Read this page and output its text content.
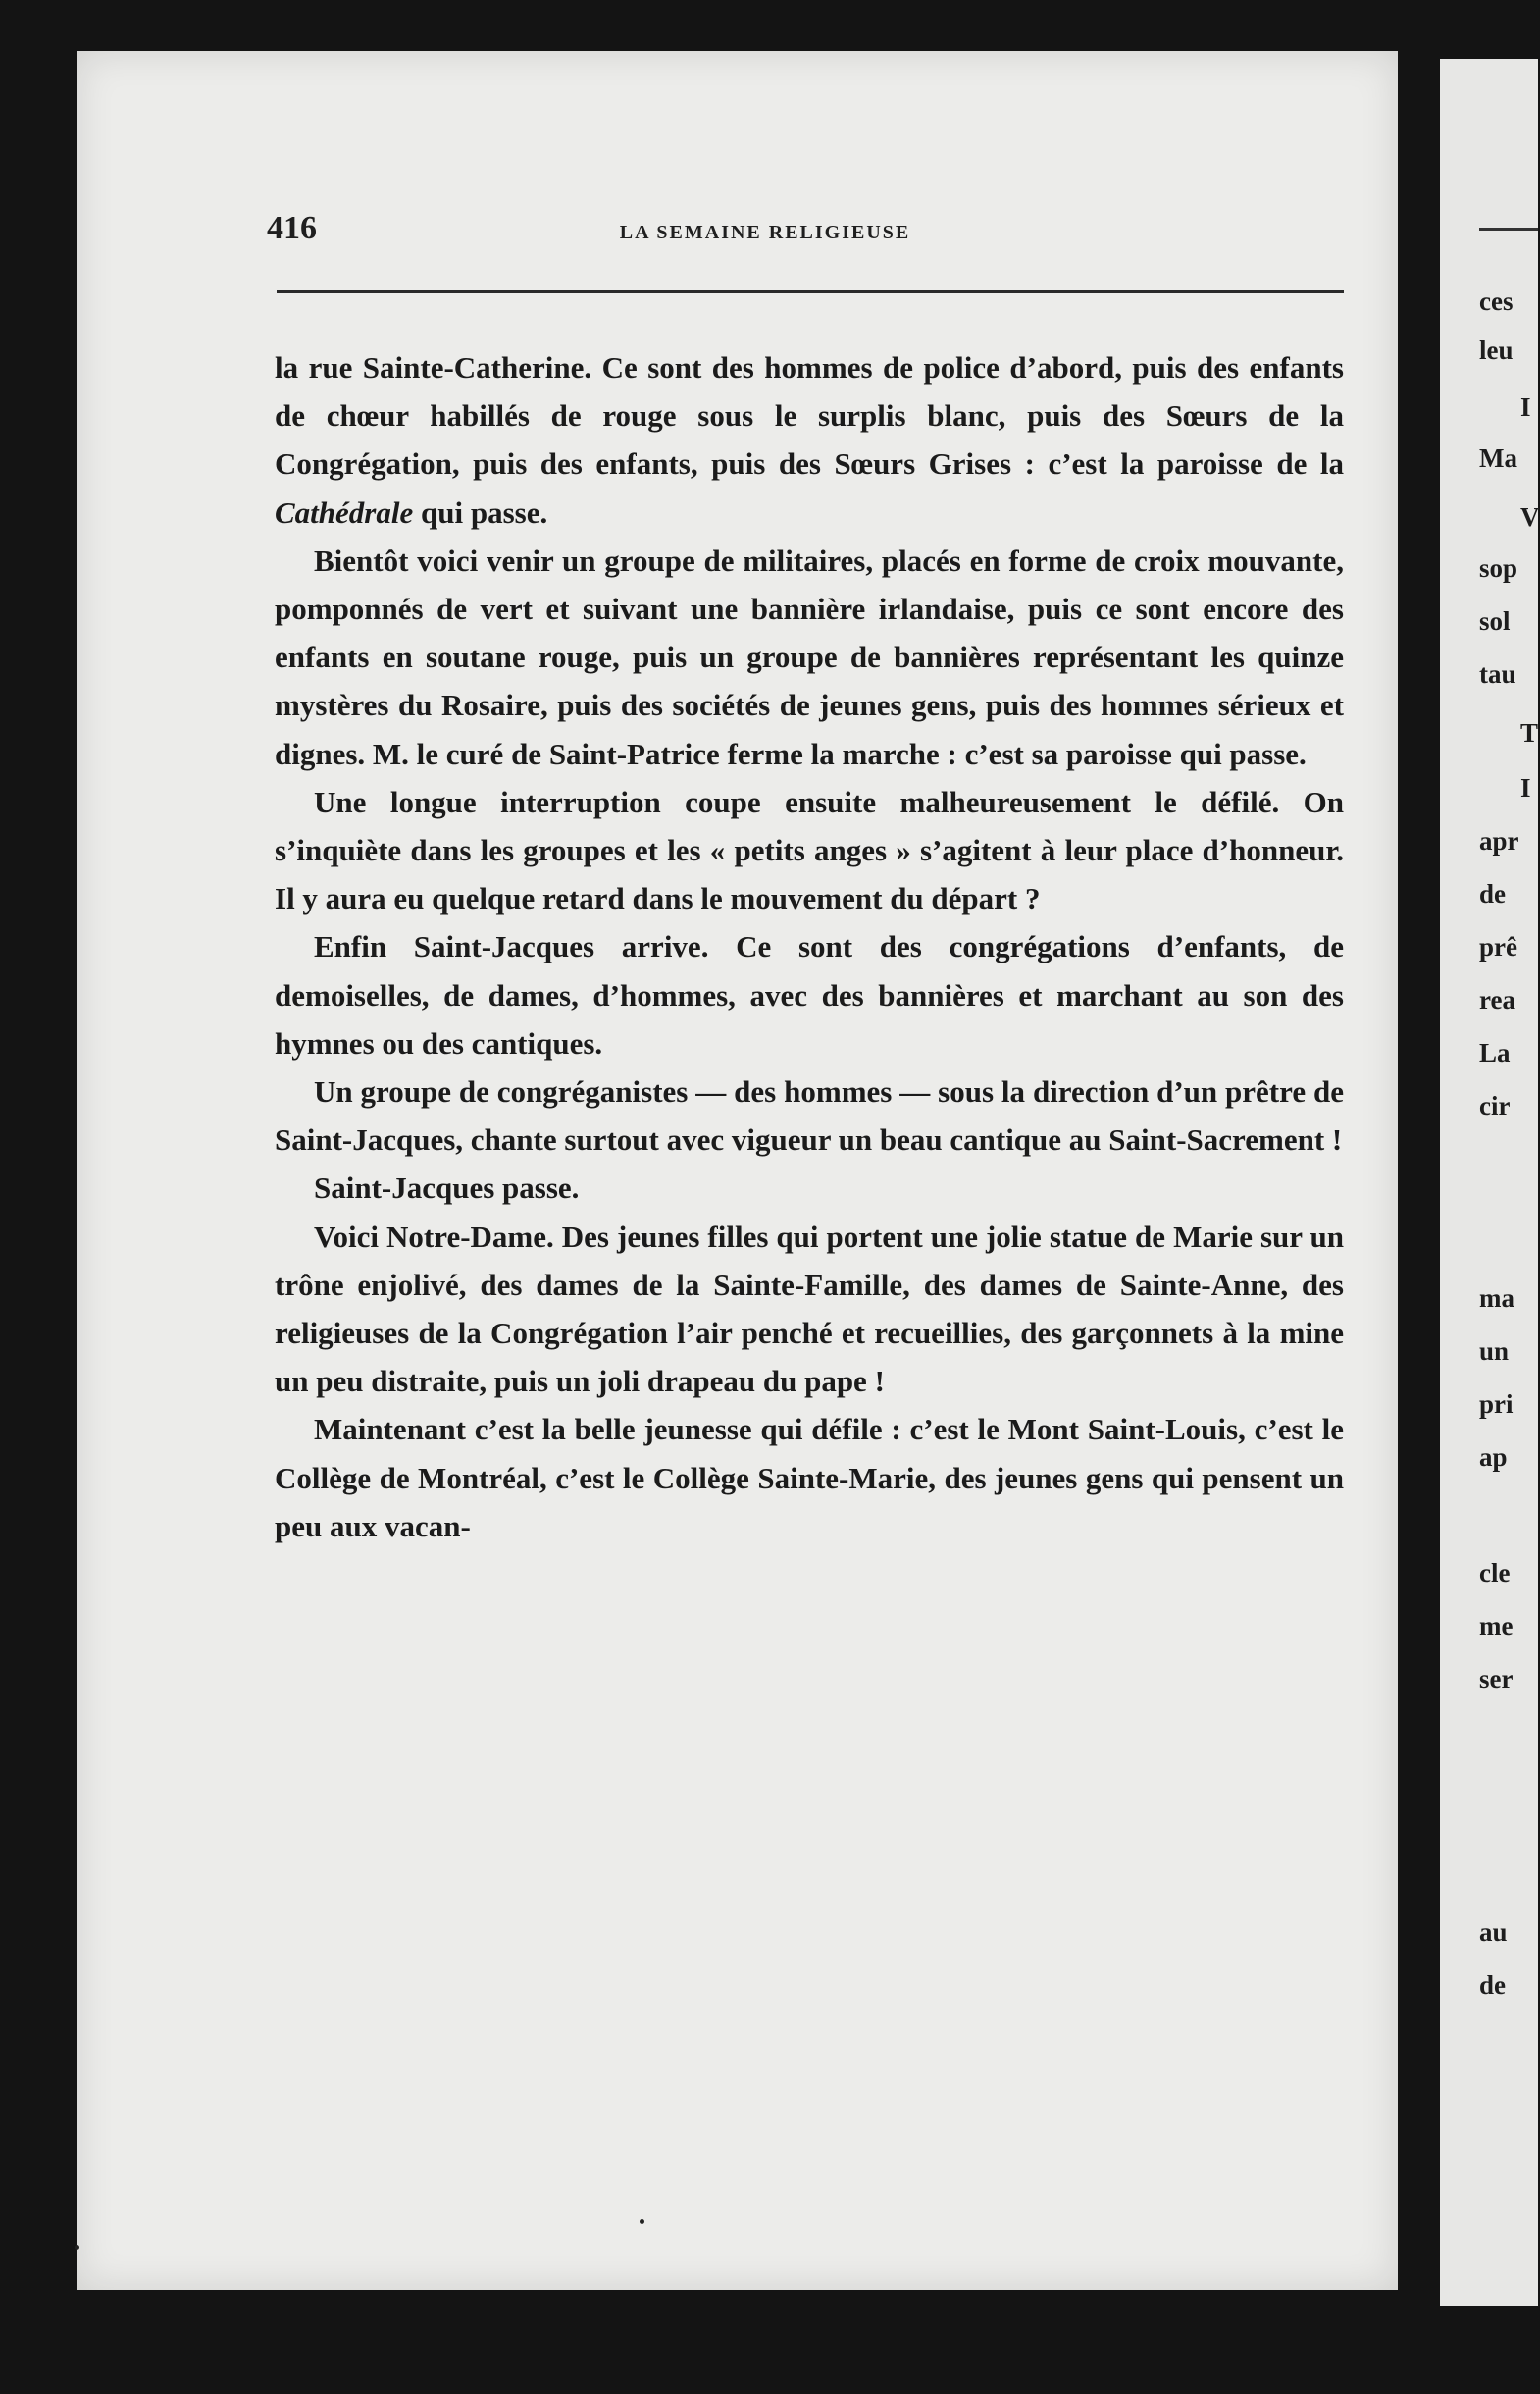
ces
leu
I
Ma
V
sop
sol
tau
T
I
apr
de
prê
rea
La
cir
ma
un
pri
ap
cle
me
ser
au
de
416	LA SEMAINE RELIGIEUSE

la rue Sainte-Catherine. Ce sont des hommes de police d’abord, puis des enfants de chœur habillés de rouge sous le surplis blanc, puis des Sœurs de la Congrégation, puis des enfants, puis des Sœurs Grises : c’est la paroisse de la Cathédrale qui passe.

Bientôt voici venir un groupe de militaires, placés en forme de croix mouvante, pomponnés de vert et suivant une bannière irlandaise, puis ce sont encore des enfants en soutane rouge, puis un groupe de bannières représentant les quinze mystères du Rosaire, puis des sociétés de jeunes gens, puis des hommes sérieux et dignes. M. le curé de Saint-Patrice ferme la marche : c’est sa paroisse qui passe.

Une longue interruption coupe ensuite malheureusement le défilé. On s’inquiète dans les groupes et les « petits anges » s’agitent à leur place d’honneur. Il y aura eu quelque retard dans le mouvement du départ ?

Enfin Saint-Jacques arrive. Ce sont des congrégations d’enfants, de demoiselles, de dames, d’hommes, avec des bannières et marchant au son des hymnes ou des cantiques.

Un groupe de congréganistes — des hommes — sous la direction d’un prêtre de Saint-Jacques, chante surtout avec vigueur un beau cantique au Saint-Sacrement !

Saint-Jacques passe.

Voici Notre-Dame. Des jeunes filles qui portent une jolie statue de Marie sur un trône enjolivé, des dames de la Sainte-Famille, des dames de Sainte-Anne, des religieuses de la Congrégation l’air penché et recueillies, des garçonnets à la mine un peu distraite, puis un joli drapeau du pape !

Maintenant c’est la belle jeunesse qui défile : c’est le Mont Saint-Louis, c’est le Collège de Montréal, c’est le Collège Sainte-Marie, des jeunes gens qui pensent un peu aux vacan-
